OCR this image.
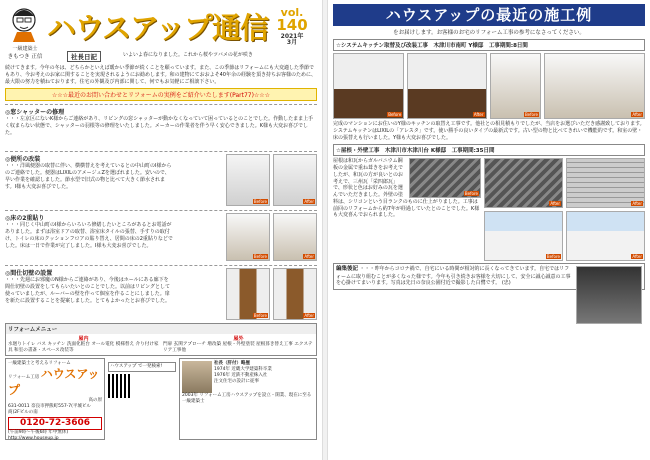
一級建築士
きもつき 正信
ハウスアップ通信	vol.
140
2021年
3月
社長日記	いよいよ春になりました。これから桜やツバメの花が咲き

続けてきます。今年の冬は、どちらかといえば暖かい季節が続くことを願っています。また、この季節はリフォームにも大変適した季節でもあり、今お考えのお家に関することを実現されるようにお勧めします。和の建物にておおよそ40年余の経験を頂き持ちお客様のために、最大限の努力を積ねております。住宅の外観及び内部に関して、何でもお気軽にご相談下さい。

☆☆☆最近のお問い合わせとリフォームの実例をご紹介いたします(Part77)☆☆☆
◎窓シャッターの修理

・・・左京区にないK様からご連絡があり、リビングの窓シャッターが動かなくなっていて困っているとのことでした。作動したまま上手く収まらない状態で、シャッターの羽根等の修理をいたしました。メーカーの作業者を伴う早く安心できました。K様も大変お喜びでした。

◎便所の改装

・・・洋風便器の取替に伴い、横横替えを考えているとの中山町のI様からのご連絡でした。便器はLIXILのアメージュZを選ばれました。安いので、早い作業を確認しました。節水型で旧式の物と比べて大きく節水されます。I様も大変お喜びでした。

Before	After
◎床の2重貼り

・・・同じく中山町のI様からいろいろ修繕したいところがあるとお電話がありました。まずは浴室ドアの取替、浴室床タイルの張替、手すりの取付け、トイレの床のクッションフロアの貼り替え、居間の床の2重貼りなどでした。床は一日で作業が完了しました。I様も大変お喜びでした。

Before	After
◎間仕切壁の設置

・・・先週にお邪魔のN様からご連絡があり、今後はホールにある廊下を間仕切壁の設置をしてもらいたいとのことでした。以前はリビングとして使っていましたが、ルーバーの壁を作って個室を作ることにしました。扉を新たに設置することを提案しました。とてもよかったとお喜びでした。

Before	After
リフォームメニュー
屋内

水廻りトイレ バス キッチン 洗面化粧台 オール電化 模様替え 介り付け家具 和室の書斎・スペース改装等

屋外

門扉 玄関アプローチ 増改築 屋根・外壁塗装 屋根葺き替え工事 エクステリア工事他

一級建築士と考えるリフォーム
リフォーム工房 ハウスアップ
高の原
631-0011 奈良市押熊町557-7(平城ビル商)2Fビルの南
0120-72-3606
(午前9時〜午後6時 年中無休)
http://www.houseup.jp
ハウスアップ で一発検索!
社長（肝付）略歴
1974年 近畿大学建築科卒業
1976年 近鉄不動産株入社
注文住宅の設計に従事
2003年 リフォーム工房ハウスアップを設立・開業、現在に至る
一級建築士
ハウスアップの最近の施工例
をお届けします。お客様のお宅のリフォーム工事の参考になさってください。
☆システムキッチン取替及び改装工事　木津川市南町 Y様邸　工事期間:8日間
Before	After	Before	After

完成のマンションにお住いのY様のキッチンの取替え工事です。他社との相見積もりでしたが、当店をお選びいただき感謝致しております。システムキッチンはLIXILの「アレスタ」です。使い勝手の良いタイプの最新式です。古い型の物と比べてきれいで機能的です。和室の壁・床の張替えも行いました。Y様も大変お喜びでした。

☆屋根・外壁工事　木津川市木津川台 K様邸　工事期間:35日間
Before

屋根は和瓦からガルバニウム鋼板の金属で重ね葺きをお考えでしたが、和瓦の方が良いとのお考えで、三州瓦「栄四郎瓦」で、形状と色はお好みの瓦を選んでいただきました。外壁の塗料は、シリコンという目ランクのものに仕上がりました。工事は前回のリフォームから約7年が経過していたとのことでした。K様も大変喜んでおられました。

After	After
Before	After
編集後記 ・・・昨年からコロナ禍で、自宅にいる時間が相対的に長くなってきています。自宅ではリフォームに取り組むことが多くなった様です。今年も引き続きお客様を大切にして、安全に誠心誠意の工事を心掛けてまいります。写真は先日の奈良公園付近で撮影した白鷺です。 (忠)
